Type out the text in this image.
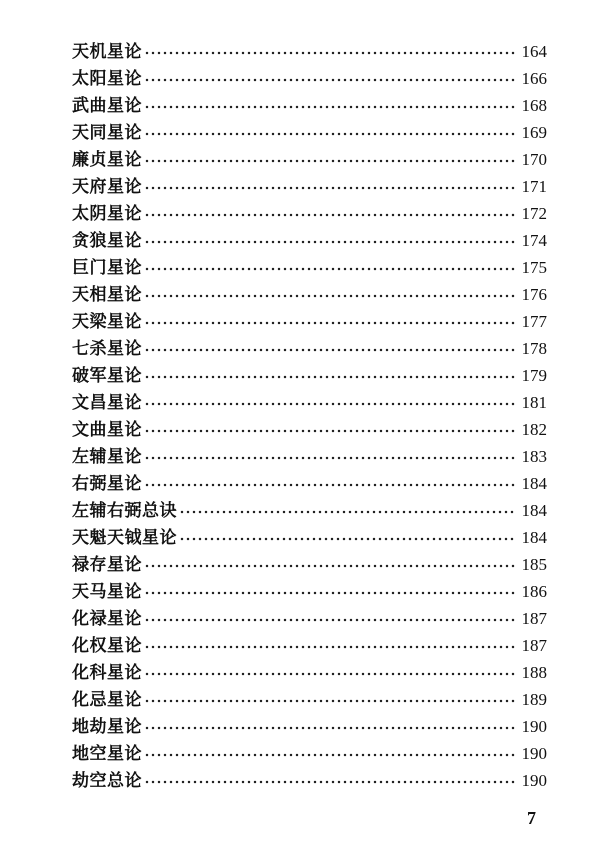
天机星论	164
太阳星论	166
武曲星论	168
天同星论	169
廉贞星论	170
天府星论	171
太阴星论	172
贪狼星论	174
巨门星论	175
天相星论	176
天梁星论	177
七杀星论	178
破军星论	179
文昌星论	181
文曲星论	182
左辅星论	183
右弼星论	184
左辅右弼总诀	184
天魁天钺星论	184
禄存星论	185
天马星论	186
化禄星论	187
化权星论	187
化科星论	188
化忌星论	189
地劫星论	190
地空星论	190
劫空总论	190
7
